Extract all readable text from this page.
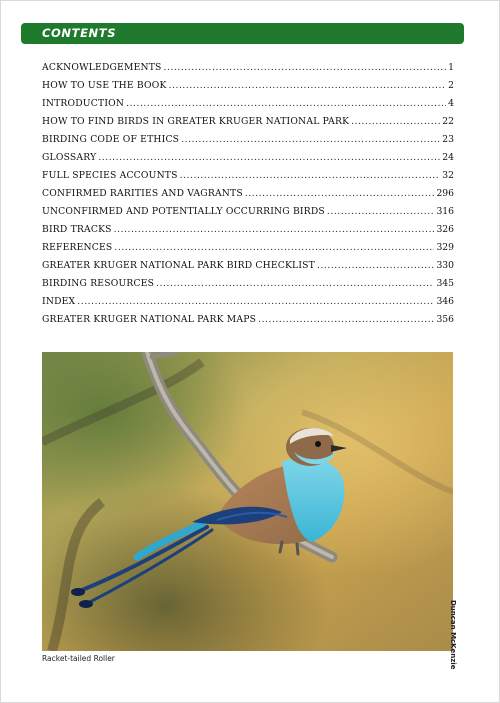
CONTENTS
ACKNOWLEDGEMENTS .....	1
HOW TO USE THE BOOK .....	2
INTRODUCTION .....	4
HOW TO FIND BIRDS IN GREATER KRUGER NATIONAL PARK .....	22
BIRDING CODE OF ETHICS .....	23
GLOSSARY .....	24
FULL SPECIES ACCOUNTS .....	32
CONFIRMED RARITIES AND VAGRANTS .....	296
UNCONFIRMED AND POTENTIALLY OCCURRING BIRDS .....	316
BIRD TRACKS .....	326
REFERENCES .....	329
GREATER KRUGER NATIONAL PARK BIRD CHECKLIST .....	330
BIRDING RESOURCES .....	345
INDEX .....	346
GREATER KRUGER NATIONAL PARK MAPS .....	356
Racket-tailed Roller	Duncan McKenzie
